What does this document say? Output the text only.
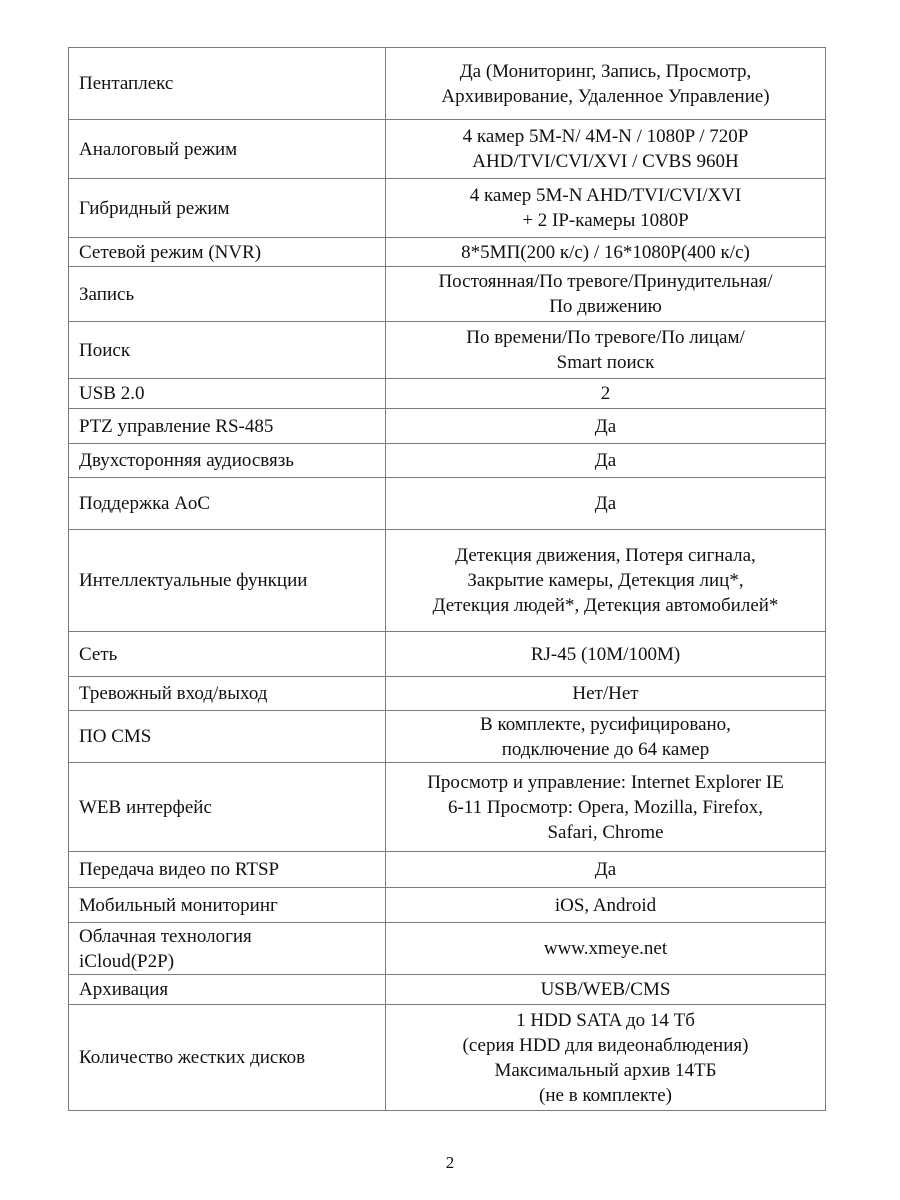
Пентаплекс	Да (Мониторинг, Запись, Просмотр,
Архивирование, Удаленное Управление)

Аналоговый режим	4 камер 5M-N/ 4M-N / 1080P / 720P
AHD/TVI/CVI/XVI / CVBS 960H

Гибридный режим	4 камер 5M-N AHD/TVI/CVI/XVI
+ 2 IP-камеры 1080P

Сетевой режим (NVR)	8*5МП(200 к/с) / 16*1080P(400 к/с)

Запись	Постоянная/По тревоге/Принудительная/
По движению

Поиск	По времени/По тревоге/По лицам/
Smart поиск

USB 2.0	2

PTZ управление RS-485	Да

Двухсторонняя аудиосвязь	Да

Поддержка AoC	Да

Интеллектуальные функции	Детекция движения, Потеря сигнала,
Закрытие камеры, Детекция лиц*,
Детекция людей*, Детекция автомобилей*

Сеть	RJ-45 (10M/100M)

Тревожный вход/выход	Нет/Нет

ПО CMS	В комплекте, русифицировано,
подключение до 64 камер

WEB интерфейс	Просмотр и управление: Internet Explorer IE
6-11 Просмотр: Opera, Mozilla, Firefox,
Safari, Chrome

Передача видео по RTSP	Да

Мобильный мониторинг	iOS, Android

Облачная технология
iCloud(P2P)	www.xmeye.net

Архивация	USB/WEB/CMS

Количество жестких дисков	1 HDD SATA до 14 Тб
(серия HDD для видеонаблюдения)
Максимальный архив 14ТБ
(не в комплекте)
2
